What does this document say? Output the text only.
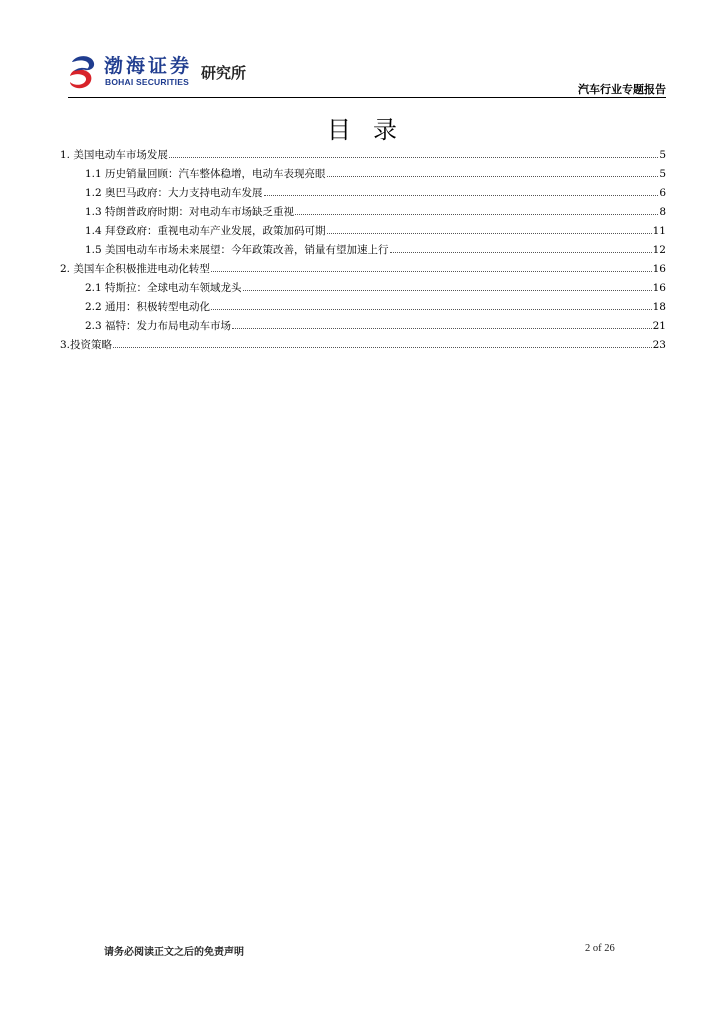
渤海证券
BOHAI SECURITIES 研究所
汽车行业专题报告
目录
1. 美国电动车市场发展	5
1.1 历史销量回顾：汽车整体稳增，电动车表现亮眼	5
1.2 奥巴马政府：大力支持电动车发展	6
1.3 特朗普政府时期：对电动车市场缺乏重视	8
1.4 拜登政府：重视电动车产业发展，政策加码可期	11
1.5 美国电动车市场未来展望：今年政策改善，销量有望加速上行	12
2. 美国车企积极推进电动化转型	16
2.1 特斯拉：全球电动车领域龙头	16
2.2 通用：积极转型电动化	18
2.3 福特：发力布局电动车市场	21
3.投资策略	23
请务必阅读正文之后的免责声明	2 of 26
